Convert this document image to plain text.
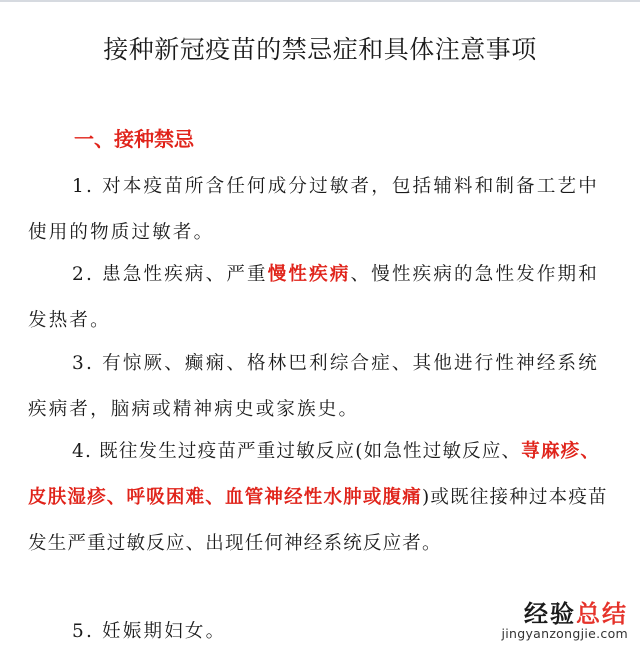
接种新冠疫苗的禁忌症和具体注意事项
一、接种禁忌
1. 对本疫苗所含任何成分过敏者，包括辅料和制备工艺中使用的物质过敏者。
2. 患急性疾病、严重慢性疾病、慢性疾病的急性发作期和发热者。
3. 有惊厥、癫痫、格林巴利综合症、其他进行性神经系统疾病者，脑病或精神病史或家族史。
4. 既往发生过疫苗严重过敏反应(如急性过敏反应、荨麻疹、皮肤湿疹、呼吸困难、血管神经性水肿或腹痛)或既往接种过本疫苗发生严重过敏反应、出现任何神经系统反应者。
5. 妊娠期妇女。
经验总结
jingyanzongjie.com
